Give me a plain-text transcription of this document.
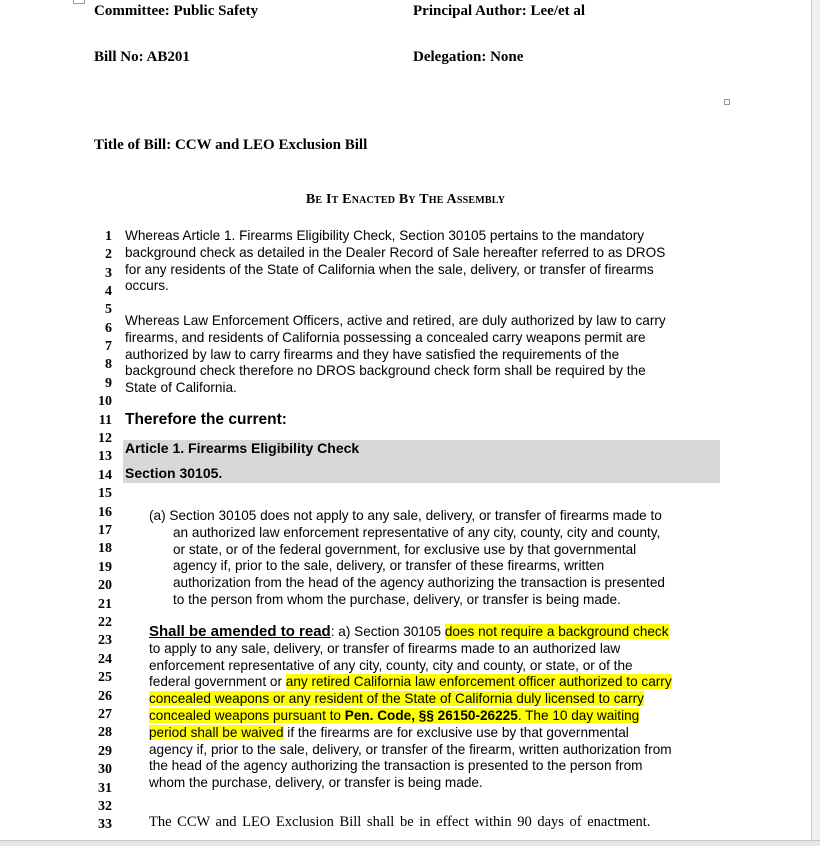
Committee: Public Safety	Principal Author: Lee/et al
Bill No: AB201	Delegation: None
Title of Bill: CCW and LEO Exclusion Bill
Be It Enacted By The Assembly
1
2
3
4
5
6
7
8
9
10
11
12
13
14
15
16
17
18
19
20
21
22
23
24
25
26
27
28
29
30
31
32
33
Whereas Article 1. Firearms Eligibility Check, Section 30105 pertains to the mandatory
background check as detailed in the Dealer Record of Sale hereafter referred to as DROS
for any residents of the State of California when the sale, delivery, or transfer of firearms
occurs.
Whereas Law Enforcement Officers, active and retired, are duly authorized by law to carry
firearms, and residents of California possessing a concealed carry weapons permit are
authorized by law to carry firearms and they have satisfied the requirements of the
background check therefore no DROS background check form shall be required by the
State of California.
Therefore the current:
Article 1. Firearms Eligibility Check
Section 30105.
(a) Section 30105 does not apply to any sale, delivery, or transfer of firearms made to
an authorized law enforcement representative of any city, county, city and county,
or state, or of the federal government, for exclusive use by that governmental
agency if, prior to the sale, delivery, or transfer of these firearms, written
authorization from the head of the agency authorizing the transaction is presented
to the person from whom the purchase, delivery, or transfer is being made.
Shall be amended to read: a) Section 30105 does not require a background check
to apply to any sale, delivery, or transfer of firearms made to an authorized law
enforcement representative of any city, county, city and county, or state, or of the
federal government or any retired California law enforcement officer authorized to carry
concealed weapons or any resident of the State of California duly licensed to carry
concealed weapons pursuant to Pen. Code, §§ 26150-26225. The 10 day waiting
period shall be waived if the firearms are for exclusive use by that governmental
agency if, prior to the sale, delivery, or transfer of the firearm, written authorization from
the head of the agency authorizing the transaction is presented to the person from
whom the purchase, delivery, or transfer is being made.
The CCW and LEO Exclusion Bill shall be in effect within 90 days of enactment.
